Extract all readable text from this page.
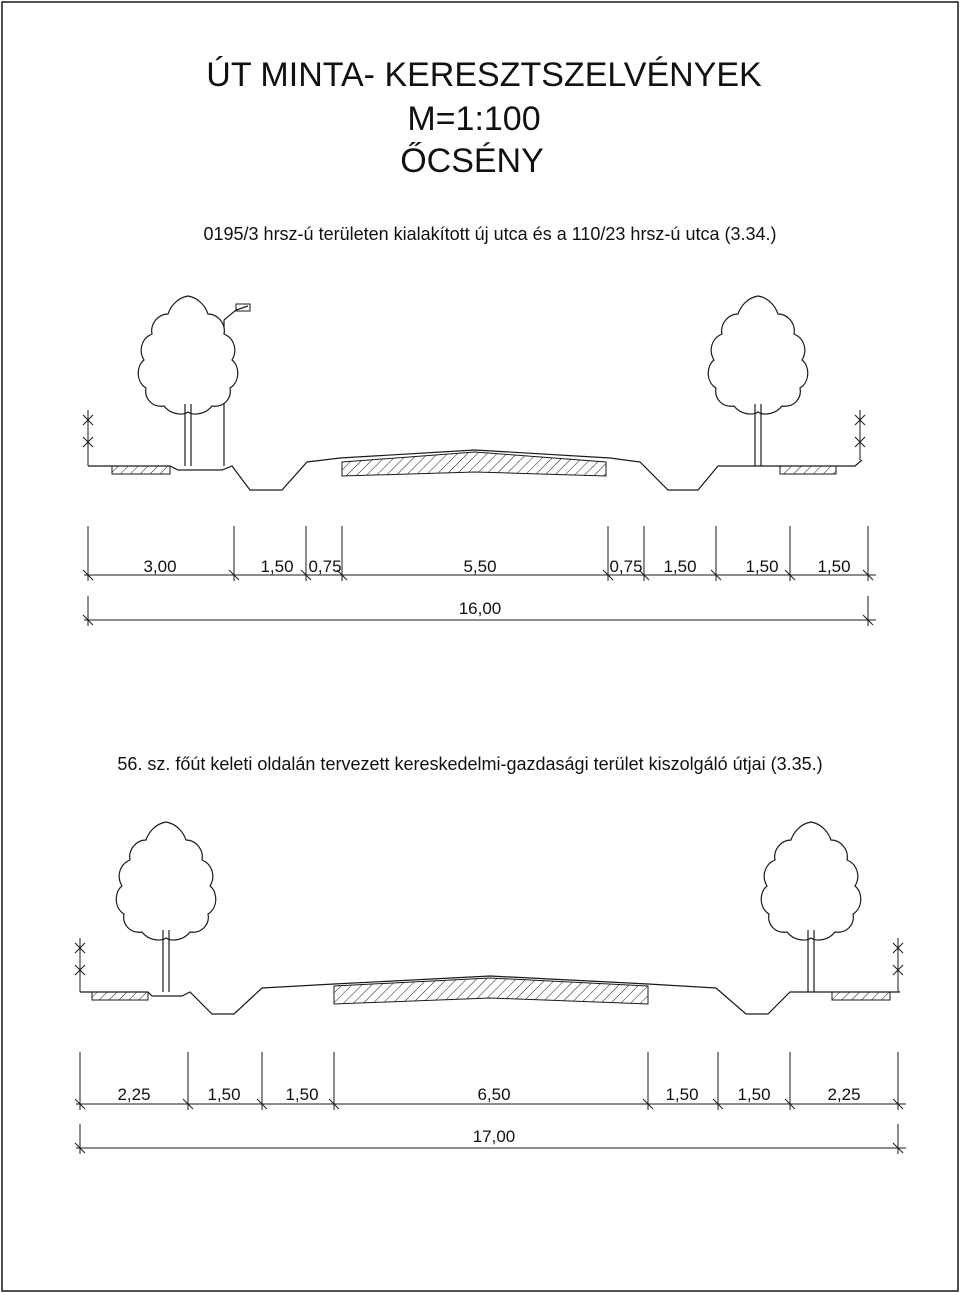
ÚT MINTA- KERESZTSZELVÉNYEK
M=1:100
ŐCSÉNY
0195/3 hrsz-ú területen kialakított új utca és a 110/23 hrsz-ú utca (3.34.)
3,00	1,50 0,75	5,50	0,75 1,50	1,50 1,50
16,00
56. sz. főút keleti oldalán tervezett kereskedelmi-gazdasági terület kiszolgáló útjai (3.35.)
2,25	1,50	1,50	6,50	1,50 1,50	2,25
17,00
